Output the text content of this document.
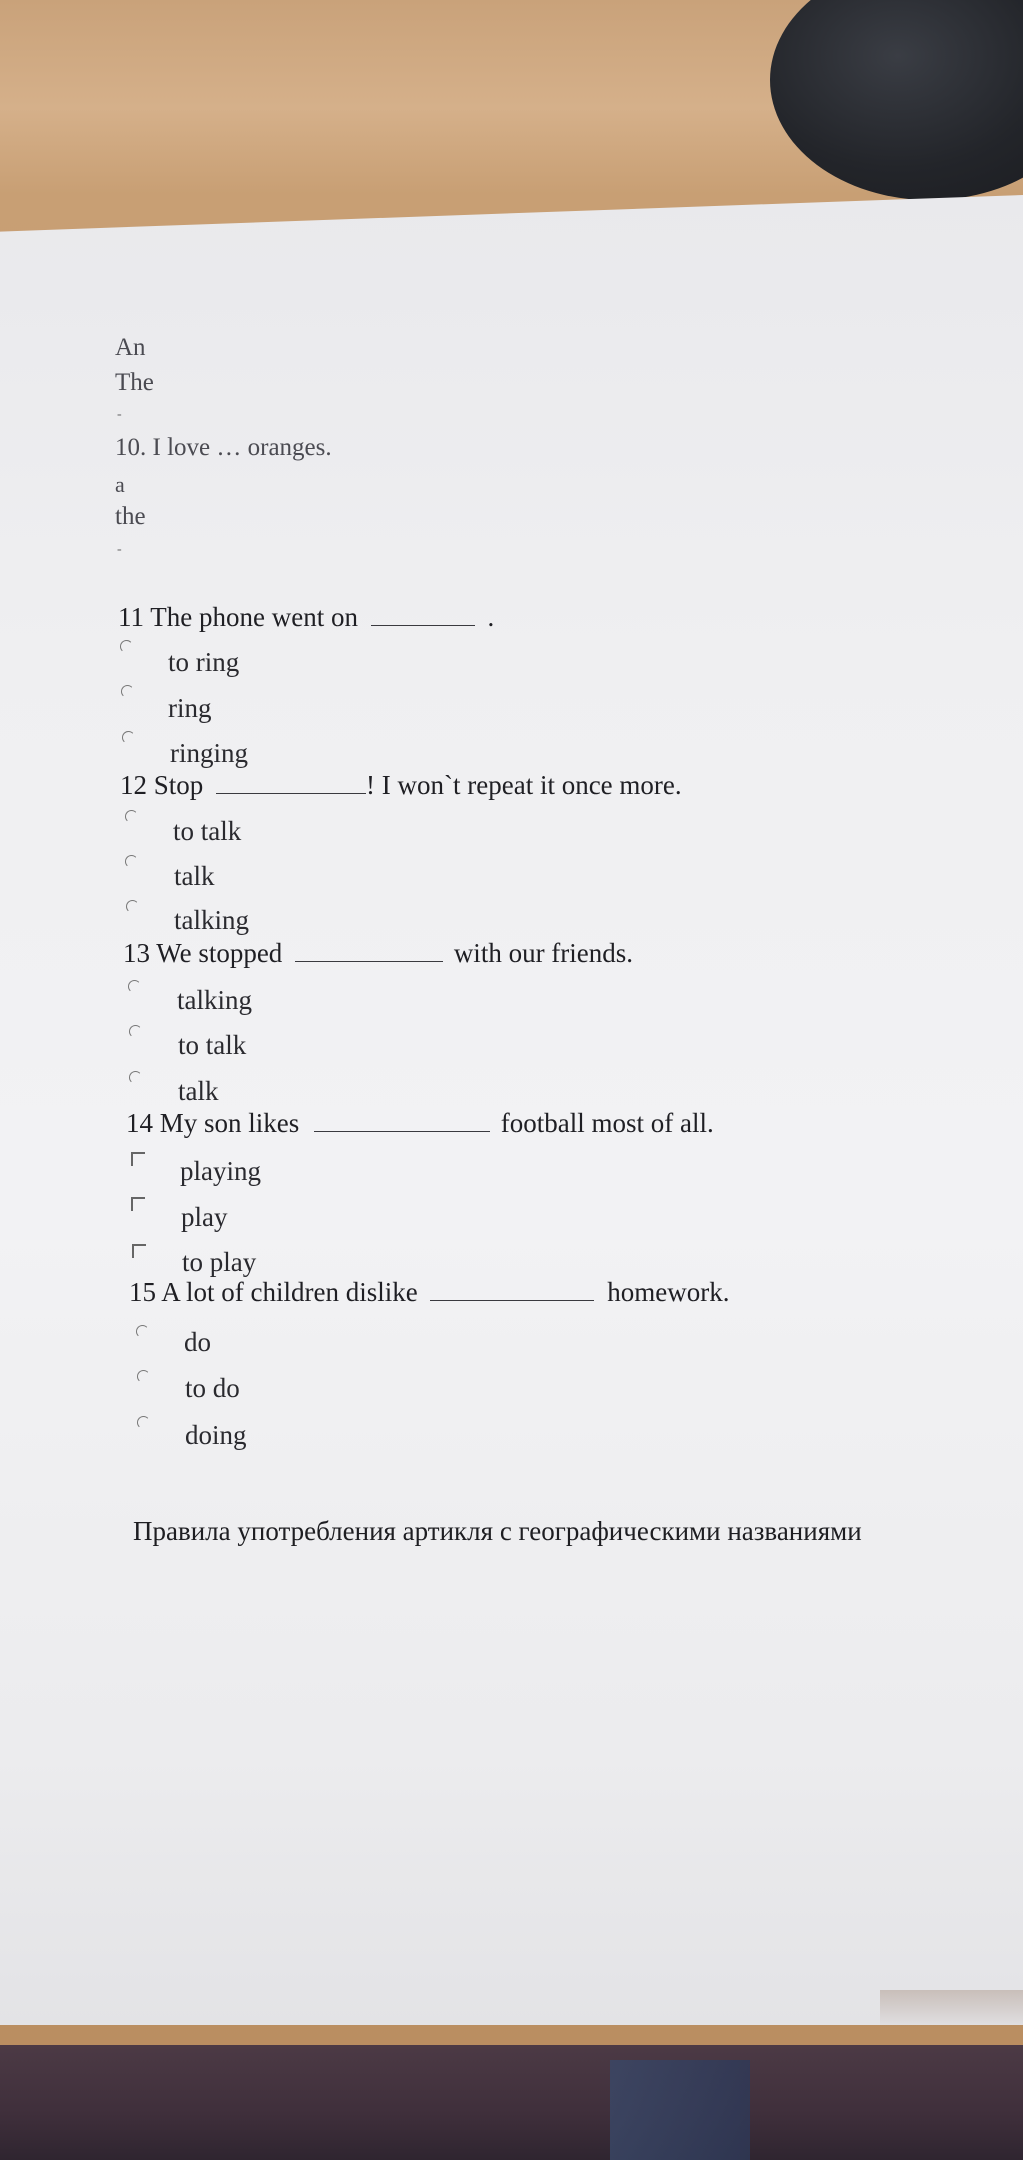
An
The
-
10. I love … oranges.
a
the
-
11 The phone went on	.
to ring
ring
ringing
12 Stop	! I won`t repeat it once more.
to talk
talk
talking
13 We stopped	with our friends.
talking
to talk
talk
14 My son likes	football most of all.
playing
play
to play
15 A lot of children dislike	homework.
do
to do
doing
Правила употребления артикля с географическими названиями
